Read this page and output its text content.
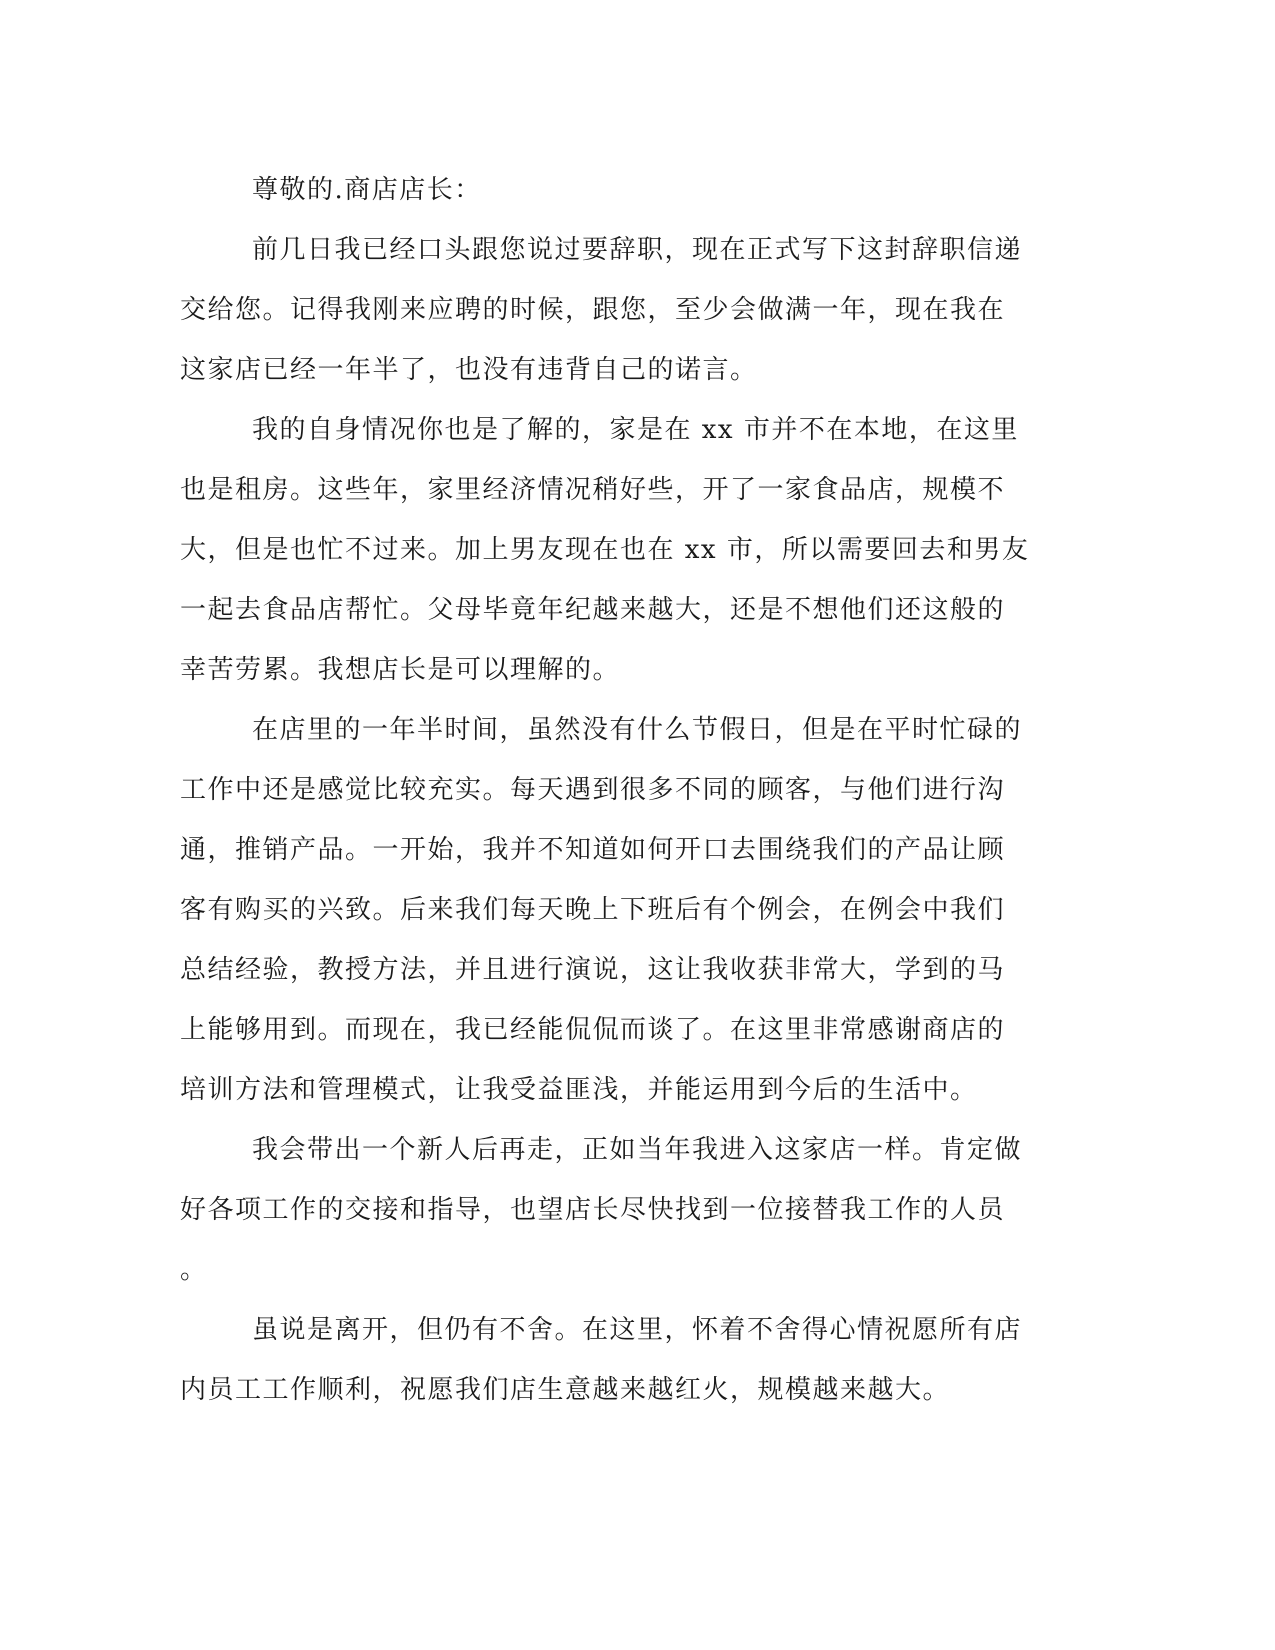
尊敬的.商店店长：
前几日我已经口头跟您说过要辞职，现在正式写下这封辞职信递
交给您。记得我刚来应聘的时候，跟您，至少会做满一年，现在我在
这家店已经一年半了，也没有违背自己的诺言。
我的自身情况你也是了解的，家是在 xx 市并不在本地，在这里
也是租房。这些年，家里经济情况稍好些，开了一家食品店，规模不
大，但是也忙不过来。加上男友现在也在 xx 市，所以需要回去和男友
一起去食品店帮忙。父母毕竟年纪越来越大，还是不想他们还这般的
幸苦劳累。我想店长是可以理解的。
在店里的一年半时间，虽然没有什么节假日，但是在平时忙碌的
工作中还是感觉比较充实。每天遇到很多不同的顾客，与他们进行沟
通，推销产品。一开始，我并不知道如何开口去围绕我们的产品让顾
客有购买的兴致。后来我们每天晚上下班后有个例会，在例会中我们
总结经验，教授方法，并且进行演说，这让我收获非常大，学到的马
上能够用到。而现在，我已经能侃侃而谈了。在这里非常感谢商店的
培训方法和管理模式，让我受益匪浅，并能运用到今后的生活中。
我会带出一个新人后再走，正如当年我进入这家店一样。肯定做
好各项工作的交接和指导，也望店长尽快找到一位接替我工作的人员
。
虽说是离开，但仍有不舍。在这里，怀着不舍得心情祝愿所有店
内员工工作顺利，祝愿我们店生意越来越红火，规模越来越大。
